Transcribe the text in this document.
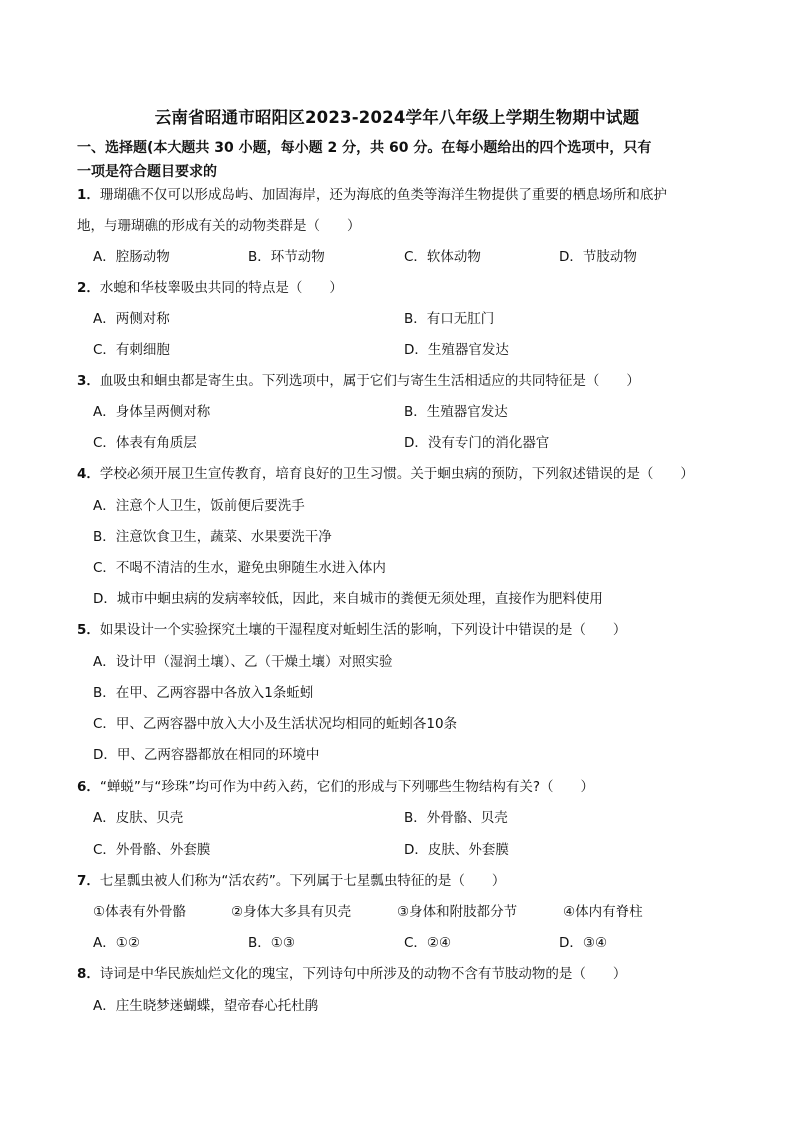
云南省昭通市昭阳区2023-2024学年八年级上学期生物期中试题
一、选择题(本大题共 30 小题，每小题 2 分，共 60 分。在每小题给出的四个选项中，只有
一项是符合题目要求的
1．珊瑚礁不仅可以形成岛屿、加固海岸，还为海底的鱼类等海洋生物提供了重要的栖息场所和底护
地，与珊瑚礁的形成有关的动物类群是（　　）
A．腔肠动物	B．环节动物	C．软体动物	D．节肢动物
2．水螅和华枝睾吸虫共同的特点是（　　）
A．两侧对称	B．有口无肛门
C．有刺细胞	D．生殖器官发达
3．血吸虫和蛔虫都是寄生虫。下列选项中，属于它们与寄生生活相适应的共同特征是（　　）
A．身体呈两侧对称	B．生殖器官发达
C．体表有角质层	D．没有专门的消化器官
4．学校必须开展卫生宣传教育，培育良好的卫生习惯。关于蛔虫病的预防，下列叙述错误的是（　　）
A．注意个人卫生，饭前便后要洗手
B．注意饮食卫生，蔬菜、水果要洗干净
C．不喝不清洁的生水，避免虫卵随生水进入体内
D．城市中蛔虫病的发病率较低，因此，来自城市的粪便无须处理，直接作为肥料使用
5．如果设计一个实验探究土壤的干湿程度对蚯蚓生活的影响，下列设计中错误的是（　　）
A．设计甲（湿润土壤）、乙（干燥土壤）对照实验
B．在甲、乙两容器中各放入1条蚯蚓
C．甲、乙两容器中放入大小及生活状况均相同的蚯蚓各10条
D．甲、乙两容器都放在相同的环境中
6．“蝉蜕”与“珍珠”均可作为中药入药，它们的形成与下列哪些生物结构有关?（　　）
A．皮肤、贝壳	B．外骨骼、贝壳
C．外骨骼、外套膜	D．皮肤、外套膜
7．七星瓢虫被人们称为“活农药”。下列属于七星瓢虫特征的是（　　）
①体表有外骨骼	②身体大多具有贝壳	③身体和附肢都分节	④体内有脊柱
A．①②	B．①③	C．②④	D．③④
8．诗词是中华民族灿烂文化的瑰宝，下列诗句中所涉及的动物不含有节肢动物的是（　　）
A．庄生晓梦迷蝴蝶，望帝春心托杜鹃
